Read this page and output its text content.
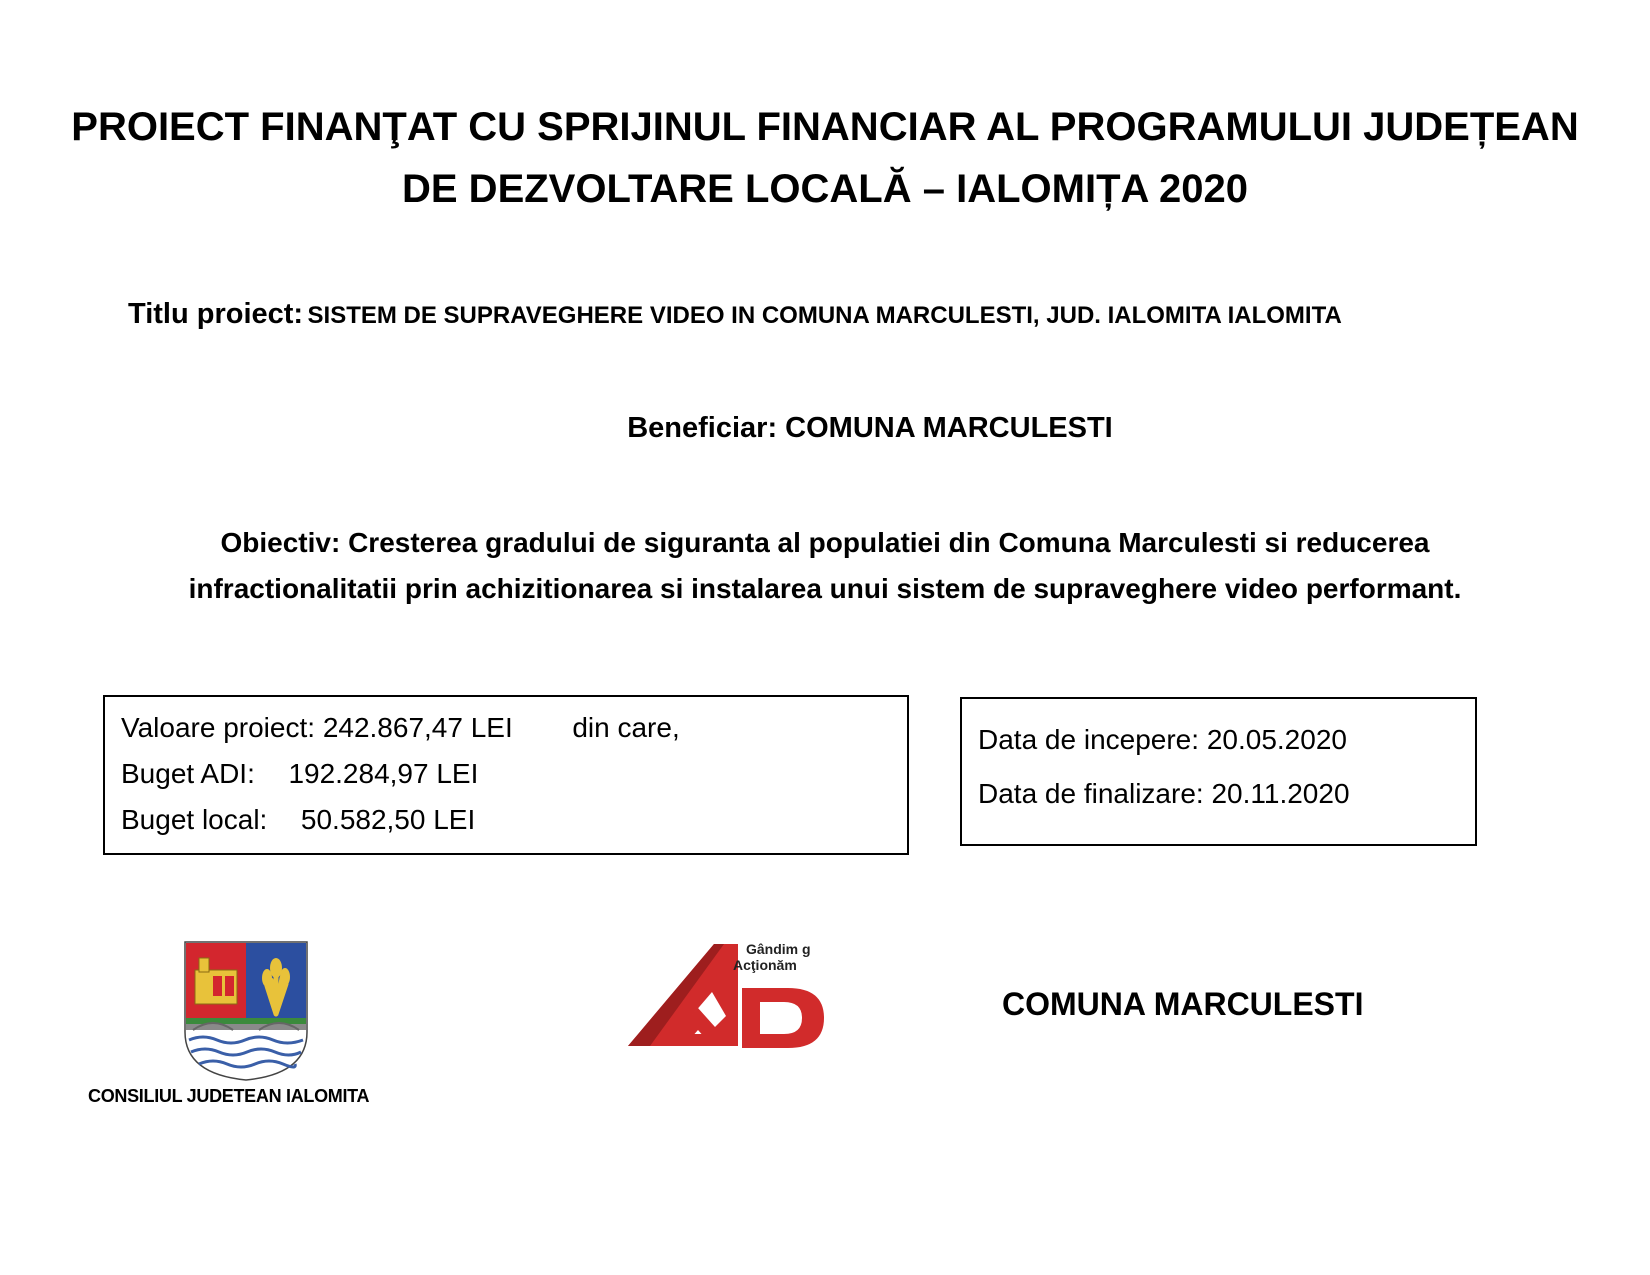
PROIECT FINANŢAT CU SPRIJINUL FINANCIAR AL PROGRAMULUI JUDEȚEAN
DE DEZVOLTARE LOCALĂ – IALOMIȚA 2020
Titlu proiect: SISTEM DE SUPRAVEGHERE VIDEO IN COMUNA MARCULESTI, JUD. IALOMITA IALOMITA
Beneficiar: COMUNA MARCULESTI
Obiectiv: Cresterea gradului de siguranta al populatiei din Comuna Marculesti si reducerea
infractionalitatii prin achizitionarea si instalarea unui sistem de supraveghere video performant.
Valoare proiect: 242.867,47 LEI din care,
Buget ADI: 192.284,97 LEI
Buget local: 50.582,50 LEI
Data de incepere: 20.05.2020
Data de finalizare: 20.11.2020
CONSILIUL JUDETEAN IALOMITA
Gândim g
Acţionăm
COMUNA MARCULESTI
